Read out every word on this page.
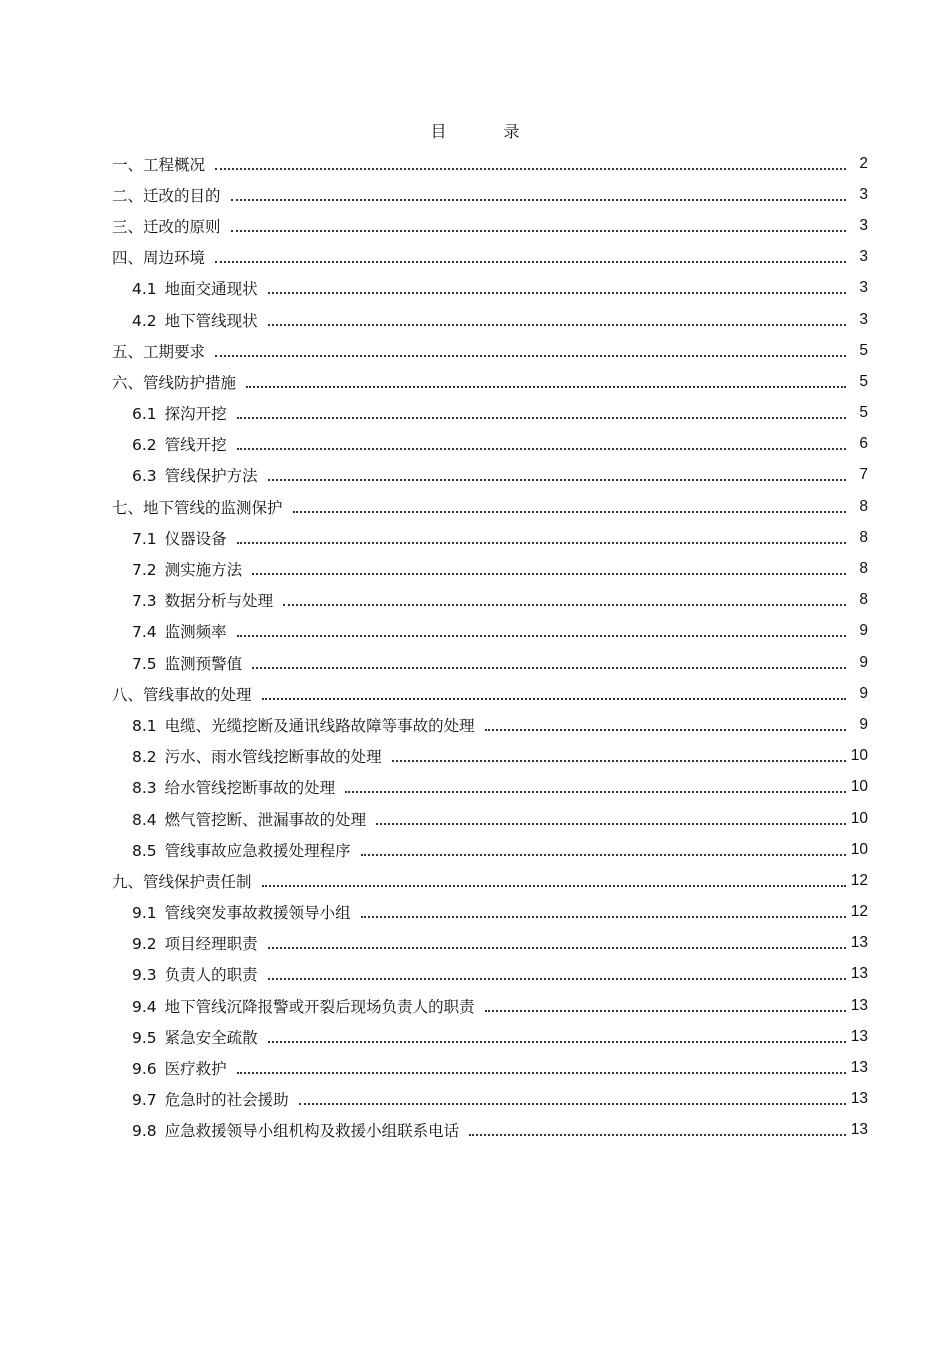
目 录
一、工程概况	2
二、迁改的目的	3
三、迁改的原则	3
四、周边环境	3
4.1 地面交通现状	3
4.2 地下管线现状	3
五、工期要求	5
六、管线防护措施	5
6.1 探沟开挖	5
6.2 管线开挖	6
6.3 管线保护方法	7
七、地下管线的监测保护	8
7.1 仪器设备	8
7.2 测实施方法	8
7.3 数据分析与处理	8
7.4 监测频率	9
7.5 监测预警值	9
八、管线事故的处理	9
8.1 电缆、光缆挖断及通讯线路故障等事故的处理	9
8.2 污水、雨水管线挖断事故的处理	10
8.3 给水管线挖断事故的处理	10
8.4 燃气管挖断、泄漏事故的处理	10
8.5 管线事故应急救援处理程序	10
九、管线保护责任制	12
9.1 管线突发事故救援领导小组	12
9.2 项目经理职责	13
9.3 负责人的职责	13
9.4 地下管线沉降报警或开裂后现场负责人的职责	13
9.5 紧急安全疏散	13
9.6 医疗救护	13
9.7 危急时的社会援助	13
9.8 应急救援领导小组机构及救援小组联系电话	13
